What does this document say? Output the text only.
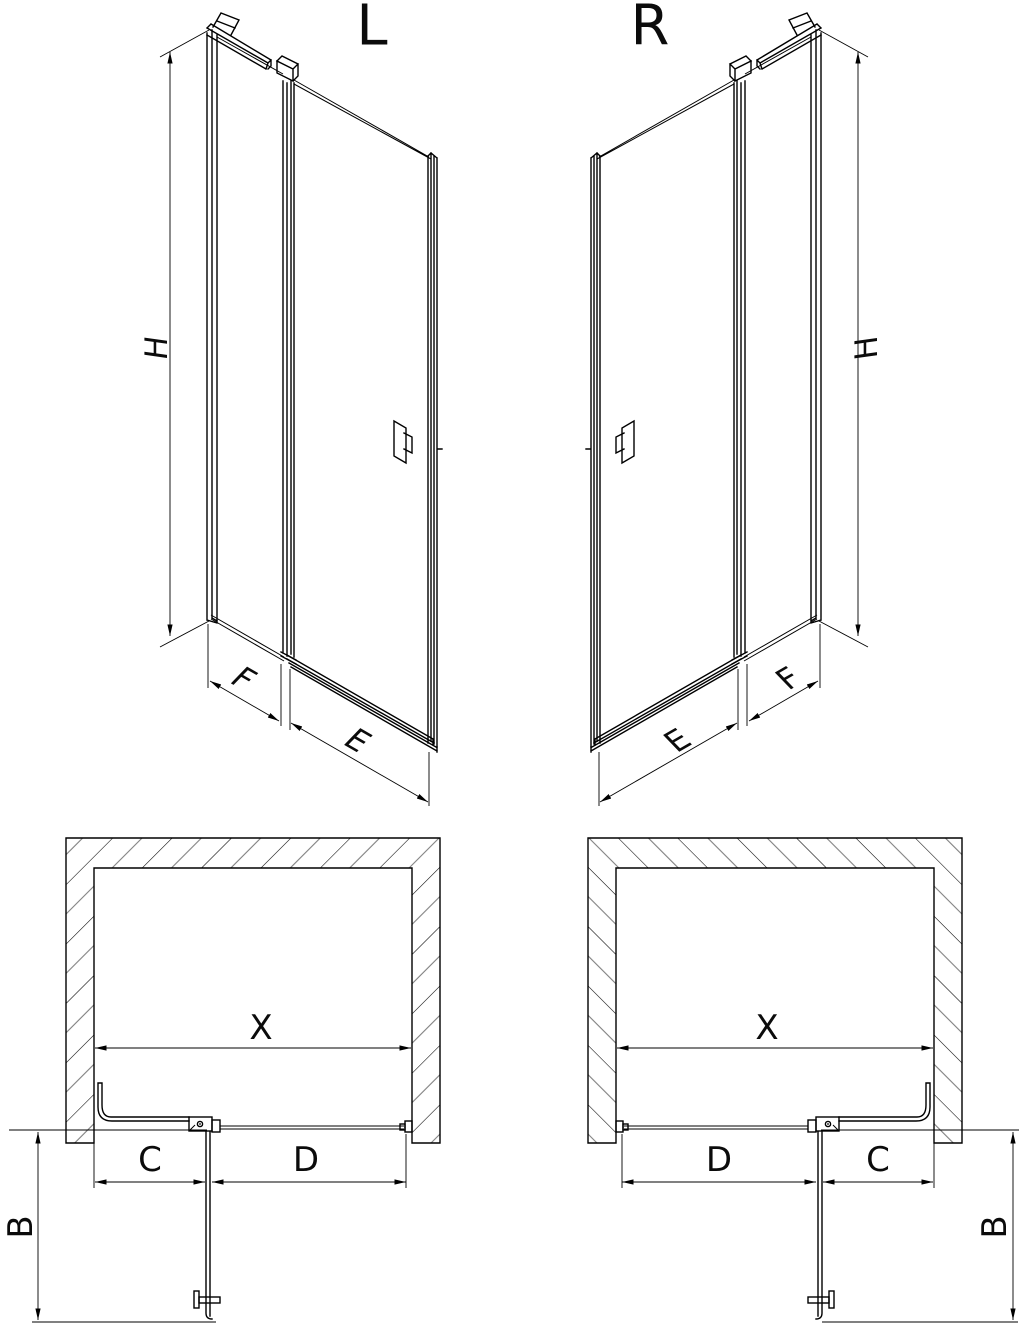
L
H
F
E
R
H
F
E
X
C	D
B
X
D	C
B
